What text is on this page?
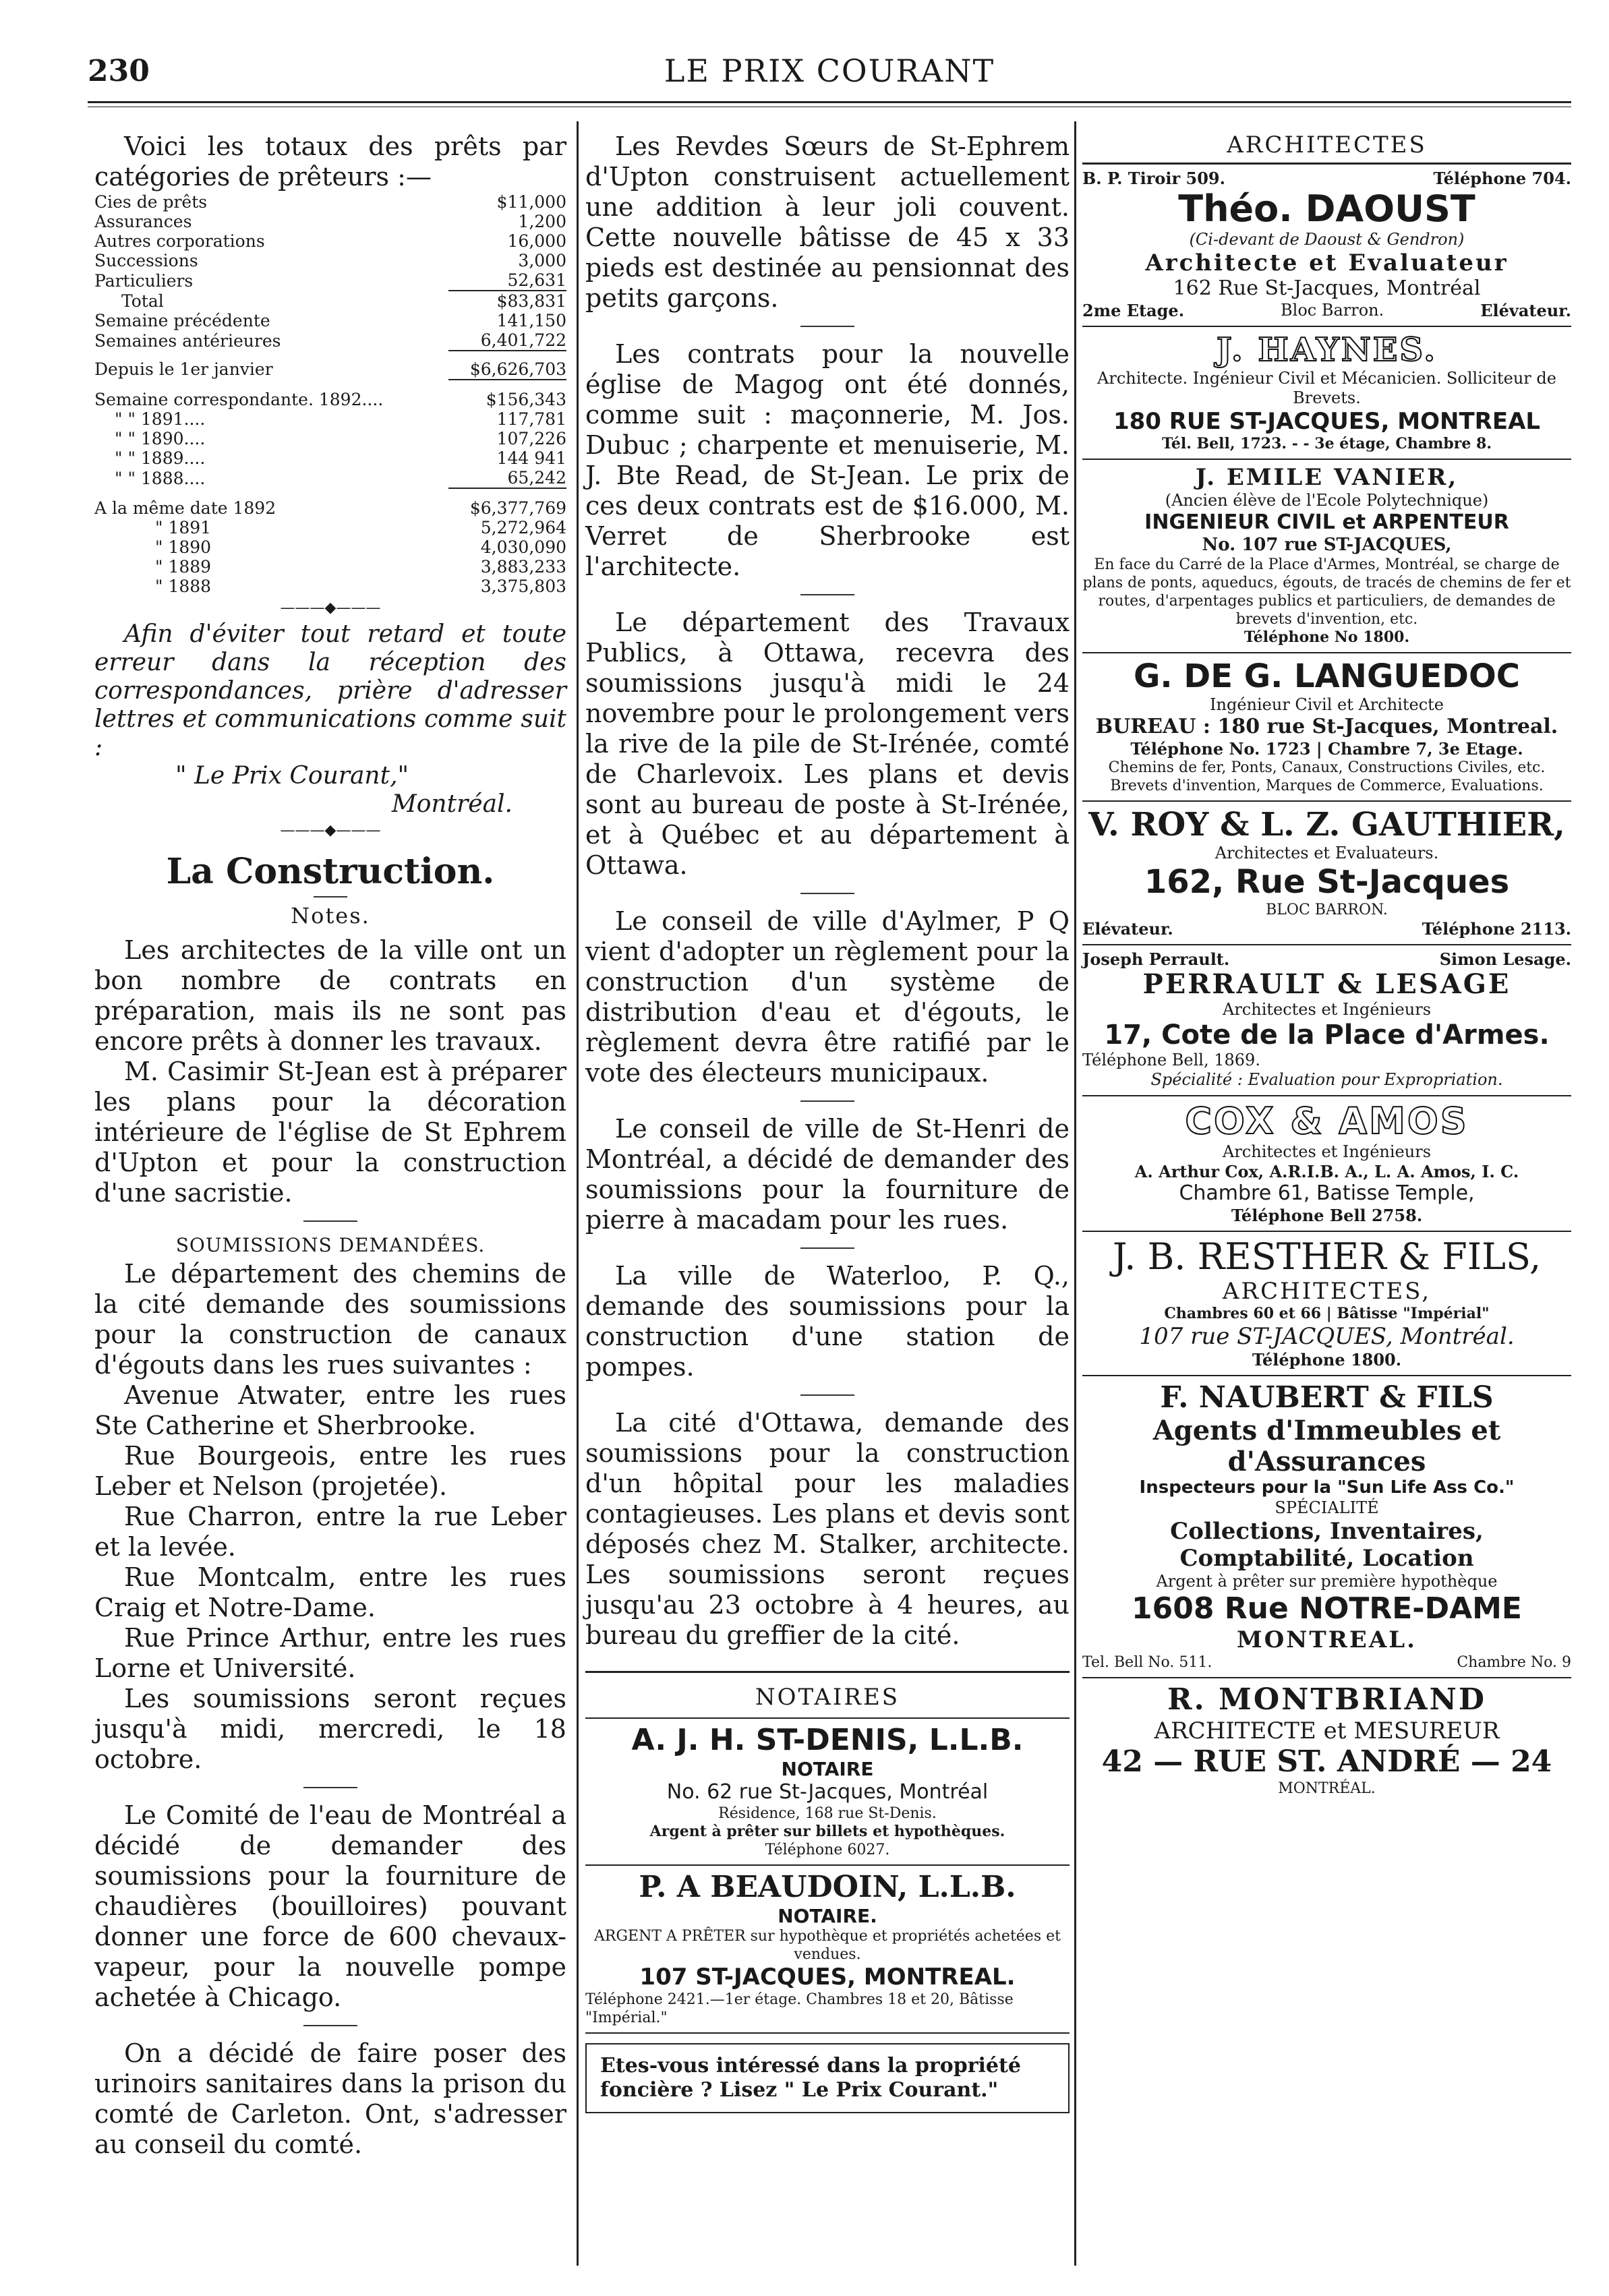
230	LE PRIX COURANT

Voici les totaux des prêts par catégories de prêteurs :—

Cies de prêts	$11,000
Assurances	1,200
Autres corporations	16,000
Successions	3,000
Particuliers	52,631
Total	$83,831
Semaine précédente	141,150
Semaines antérieures	6,401,722
Depuis le 1er janvier	$6,626,703
Semaine correspondante. 1892....	$156,343
" " 1891....	117,781
" " 1890....	107,226
" " 1889....	144 941
" " 1888....	65,242
A la même date 1892	$6,377,769
" 1891	5,272,964
" 1890	4,030,090
" 1889	3,883,233
" 1888	3,375,803
———◆———

Afin d'éviter tout retard et toute erreur dans la réception des correspondances, prière d'adresser lettres et communications comme suit :

" Le Prix Courant,"

Montréal.

———◆———
La Construction.
Notes.

Les architectes de la ville ont un bon nombre de contrats en préparation, mais ils ne sont pas encore prêts à donner les travaux.

M. Casimir St-Jean est à préparer les plans pour la décoration intérieure de l'église de St Ephrem d'Upton et pour la construction d'une sacristie.

SOUMISSIONS DEMANDÉES.

Le département des chemins de la cité demande des soumissions pour la construction de canaux d'égouts dans les rues suivantes :

Avenue Atwater, entre les rues Ste Catherine et Sherbrooke.

Rue Bourgeois, entre les rues Leber et Nelson (projetée).

Rue Charron, entre la rue Leber et la levée.

Rue Montcalm, entre les rues Craig et Notre-Dame.

Rue Prince Arthur, entre les rues Lorne et Université.

Les soumissions seront reçues jusqu'à midi, mercredi, le 18 octobre.

Le Comité de l'eau de Montréal a décidé de demander des soumissions pour la fourniture de chaudières (bouilloires) pouvant donner une force de 600 chevaux-vapeur, pour la nouvelle pompe achetée à Chicago.

On a décidé de faire poser des urinoirs sanitaires dans la prison du comté de Carleton. Ont, s'adresser au conseil du comté.

Les Revdes Sœurs de St-Ephrem d'Upton construisent actuellement une addition à leur joli couvent. Cette nouvelle bâtisse de 45 x 33 pieds est destinée au pensionnat des petits garçons.

Les contrats pour la nouvelle église de Magog ont été donnés, comme suit : maçonnerie, M. Jos. Dubuc ; charpente et menuiserie, M. J. Bte Read, de St-Jean. Le prix de ces deux contrats est de $16.000, M. Verret de Sherbrooke est l'architecte.

Le département des Travaux Publics, à Ottawa, recevra des soumissions jusqu'à midi le 24 novembre pour le prolongement vers la rive de la pile de St-Irénée, comté de Charlevoix. Les plans et devis sont au bureau de poste à St-Irénée, et à Québec et au département à Ottawa.

Le conseil de ville d'Aylmer, P Q vient d'adopter un règlement pour la construction d'un système de distribution d'eau et d'égouts, le règlement devra être ratifié par le vote des électeurs municipaux.

Le conseil de ville de St-Henri de Montréal, a décidé de demander des soumissions pour la fourniture de pierre à macadam pour les rues.

La ville de Waterloo, P. Q., demande des soumissions pour la construction d'une station de pompes.

La cité d'Ottawa, demande des soumissions pour la construction d'un hôpital pour les maladies contagieuses. Les plans et devis sont déposés chez M. Stalker, architecte. Les soumissions seront reçues jusqu'au 23 octobre à 4 heures, au bureau du greffier de la cité.

NOTAIRES
A. J. H. ST-DENIS, L.L.B.
NOTAIRE
No. 62 rue St-Jacques, Montréal
Résidence, 168 rue St-Denis.
Argent à prêter sur billets et hypothèques.
Téléphone 6027.
P. A BEAUDOIN, L.L.B.
NOTAIRE.
ARGENT A PRÊTER sur hypothèque et propriétés achetées et vendues.
107 ST-JACQUES, MONTREAL.
Téléphone 2421.—1er étage. Chambres 18 et 20, Bâtisse "Impérial."
Etes-vous intéressé dans la propriété foncière ? Lisez " Le Prix Courant."
ARCHITECTES
B. P. Tiroir 509.	Téléphone 704.
Théo. DAOUST
(Ci-devant de Daoust & Gendron)
Architecte et Evaluateur
162 Rue St-Jacques, Montréal
2me Etage.	Bloc Barron.	Elévateur.
J. HAYNES.
Architecte. Ingénieur Civil et Mécanicien. Solliciteur de Brevets.
180 RUE ST-JACQUES, MONTREAL
Tél. Bell, 1723. - - 3e étage, Chambre 8.
J. EMILE VANIER,
(Ancien élève de l'Ecole Polytechnique)
INGENIEUR CIVIL et ARPENTEUR
No. 107 rue ST-JACQUES,
En face du Carré de la Place d'Armes, Montréal, se charge de plans de ponts, aqueducs, égouts, de tracés de chemins de fer et routes, d'arpentages publics et particuliers, de demandes de brevets d'invention, etc.
Téléphone No 1800.
G. DE G. LANGUEDOC
Ingénieur Civil et Architecte
BUREAU : 180 rue St-Jacques, Montreal.
Téléphone No. 1723 | Chambre 7, 3e Etage.
Chemins de fer, Ponts, Canaux, Constructions Civiles, etc. Brevets d'invention, Marques de Commerce, Evaluations.
V. ROY & L. Z. GAUTHIER,
Architectes et Evaluateurs.
162, Rue St-Jacques
BLOC BARRON.
Elévateur.	Téléphone 2113.
Joseph Perrault.	Simon Lesage.
PERRAULT & LESAGE
Architectes et Ingénieurs
17, Cote de la Place d'Armes.
Téléphone Bell, 1869.
Spécialité : Evaluation pour Expropriation.
COX & AMOS
Architectes et Ingénieurs
A. Arthur Cox, A.R.I.B. A., L. A. Amos, I. C.
Chambre 61, Batisse Temple,
Téléphone Bell 2758.
J. B. RESTHER & FILS,
ARCHITECTES,
Chambres 60 et 66 | Bâtisse "Impérial"
107 rue ST-JACQUES, Montréal.
Téléphone 1800.
F. NAUBERT & FILS
Agents d'Immeubles et d'Assurances
Inspecteurs pour la "Sun Life Ass Co."
SPÉCIALITÉ
Collections, Inventaires, Comptabilité, Location
Argent à prêter sur première hypothèque
1608 Rue NOTRE-DAME
MONTREAL.
Tel. Bell No. 511.	Chambre No. 9
R. MONTBRIAND
ARCHITECTE et MESUREUR
42 — RUE ST. ANDRÉ — 24
MONTRÉAL.
